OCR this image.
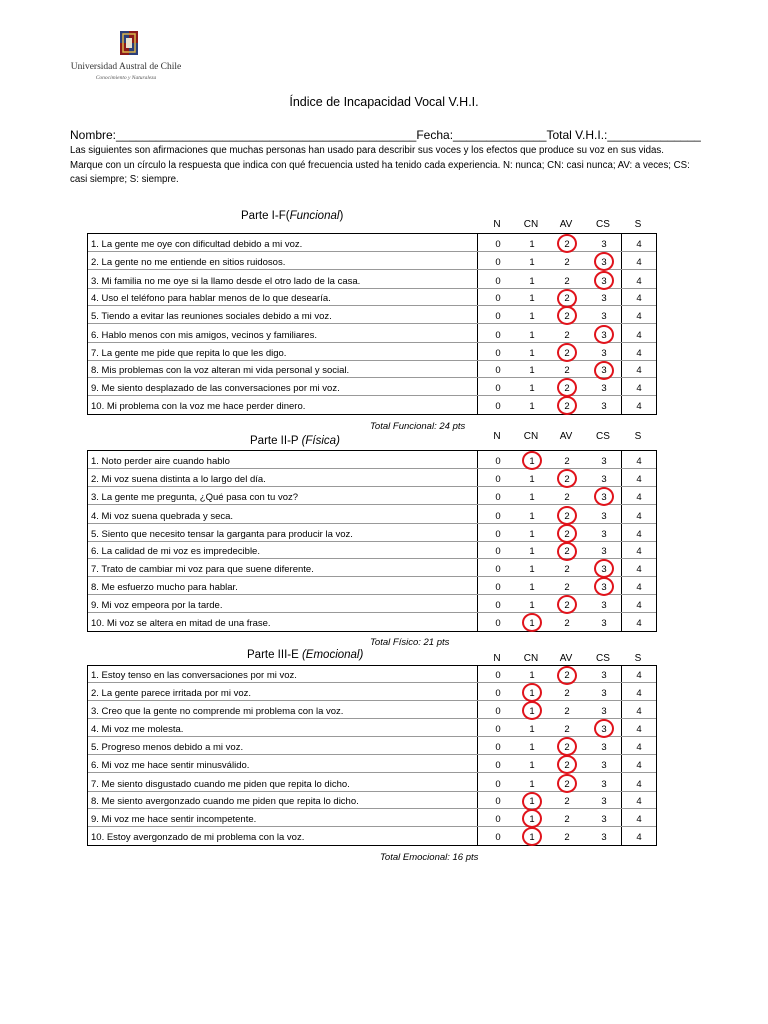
Universidad Austral de Chile
Conocimiento y Naturaleza
Índice de Incapacidad Vocal V.H.I.
Nombre:_____________________________________________Fecha:______________Total V.H.I.:______________
Las siguientes son afirmaciones que muchas personas han usado para describir sus voces y los efectos que produce su voz en sus vidas. Marque con un círculo la respuesta que indica con qué frecuencia usted ha tenido cada experiencia. N: nunca; CN: casi nunca; AV: a veces; CS: casi siempre; S: siempre.
Parte I-F(Funcional)
N	CN	AV	CS	S
1. La gente me oye con dificultad debido a mi voz.	0	1	2	3	4
2. La gente no me entiende en sitios ruidosos.	0	1	2	3	4
3. Mi familia no me oye si la llamo desde el otro lado de la casa.	0	1	2	3	4
4. Uso el teléfono para hablar menos de lo que desearía.	0	1	2	3	4
5. Tiendo a evitar las reuniones sociales debido a mi voz.	0	1	2	3	4
6. Hablo menos con mis amigos, vecinos y familiares.	0	1	2	3	4
7. La gente me pide que repita lo que les digo.	0	1	2	3	4
8. Mis problemas con la voz alteran mi vida personal y social.	0	1	2	3	4
9. Me siento desplazado de las conversaciones por mi voz.	0	1	2	3	4
10. Mi problema con la voz me hace perder dinero.	0	1	2	3	4
Total Funcional: 24 pts
Parte II-P (Física)	N	CN	AV	CS	S
1. Noto perder aire cuando hablo	0	1	2	3	4
2. Mi voz suena distinta a lo largo del día.	0	1	2	3	4
3. La gente me pregunta, ¿Qué pasa con tu voz?	0	1	2	3	4
4. Mi voz suena quebrada y seca.	0	1	2	3	4
5. Siento que necesito tensar la garganta para producir la voz.	0	1	2	3	4
6. La calidad de mi voz es impredecible.	0	1	2	3	4
7. Trato de cambiar mi voz para que suene diferente.	0	1	2	3	4
8. Me esfuerzo mucho para hablar.	0	1	2	3	4
9. Mi voz empeora por la tarde.	0	1	2	3	4
10. Mi voz se altera en mitad de una frase.	0	1	2	3	4
Total Físico: 21 pts
Parte III-E (Emocional)	N	CN	AV	CS	S
1. Estoy tenso en las conversaciones por mi voz.	0	1	2	3	4
2. La gente parece irritada por mi voz.	0	1	2	3	4
3. Creo que la gente no comprende mi problema con la voz.	0	1	2	3	4
4. Mi voz me molesta.	0	1	2	3	4
5. Progreso menos debido a mi voz.	0	1	2	3	4
6. Mi voz me hace sentir minusválido.	0	1	2	3	4
7. Me siento disgustado cuando me piden que repita lo dicho.	0	1	2	3	4
8. Me siento avergonzado cuando me piden que repita lo dicho.	0	1	2	3	4
9. Mi voz me hace sentir incompetente.	0	1	2	3	4
10. Estoy avergonzado de mi problema con la voz.	0	1	2	3	4
Total Emocional: 16 pts
